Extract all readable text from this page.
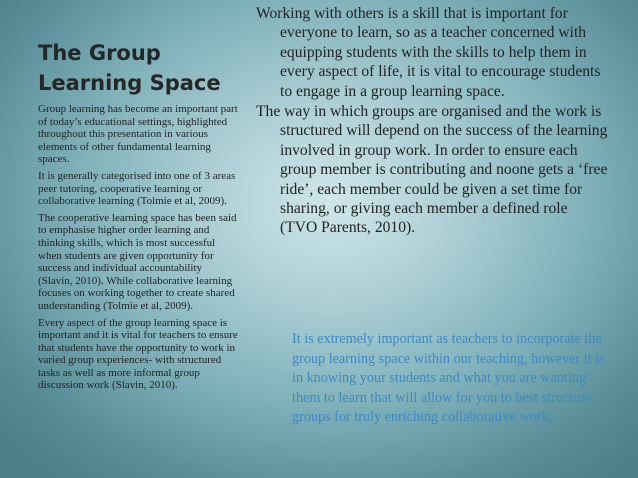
The Group
Learning Space

Group learning has become an important part of today’s educational settings, highlighted throughout this presentation in various elements of other fundamental learning spaces.

It is generally categorised into one of 3 areas peer tutoring, cooperative learning or collaborative learning (Tolmie et al, 2009).

The cooperative learning space has been said to emphasise higher order learning and thinking skills, which is most successful when students are given opportunity for success and individual accountability (Slavin, 2010). While collaborative learning focuses on working together to create shared understanding (Tolmie et al, 2009).

Every aspect of the group learning space is important and it is vital for teachers to ensure that students have the opportunity to work in varied group experiences- with structured tasks as well as more informal group discussion work (Slavin, 2010).

Working with others is a skill that is important for everyone to learn, so as a teacher concerned with equipping students with the skills to help them in every aspect of life, it is vital to encourage students to engage in a group learning space.

The way in which groups are organised and the work is structured will depend on the success of the learning involved in group work. In order to ensure each group member is contributing and noone gets a ‘free ride’, each member could be given a set time for sharing, or giving each member a defined role (TVO Parents, 2010).

It is extremely important as teachers to incorporate the group learning space within our teaching, however it is in knowing your students and what you are wanting them to learn that will allow for you to best structure groups for truly enriching collaborative work.
